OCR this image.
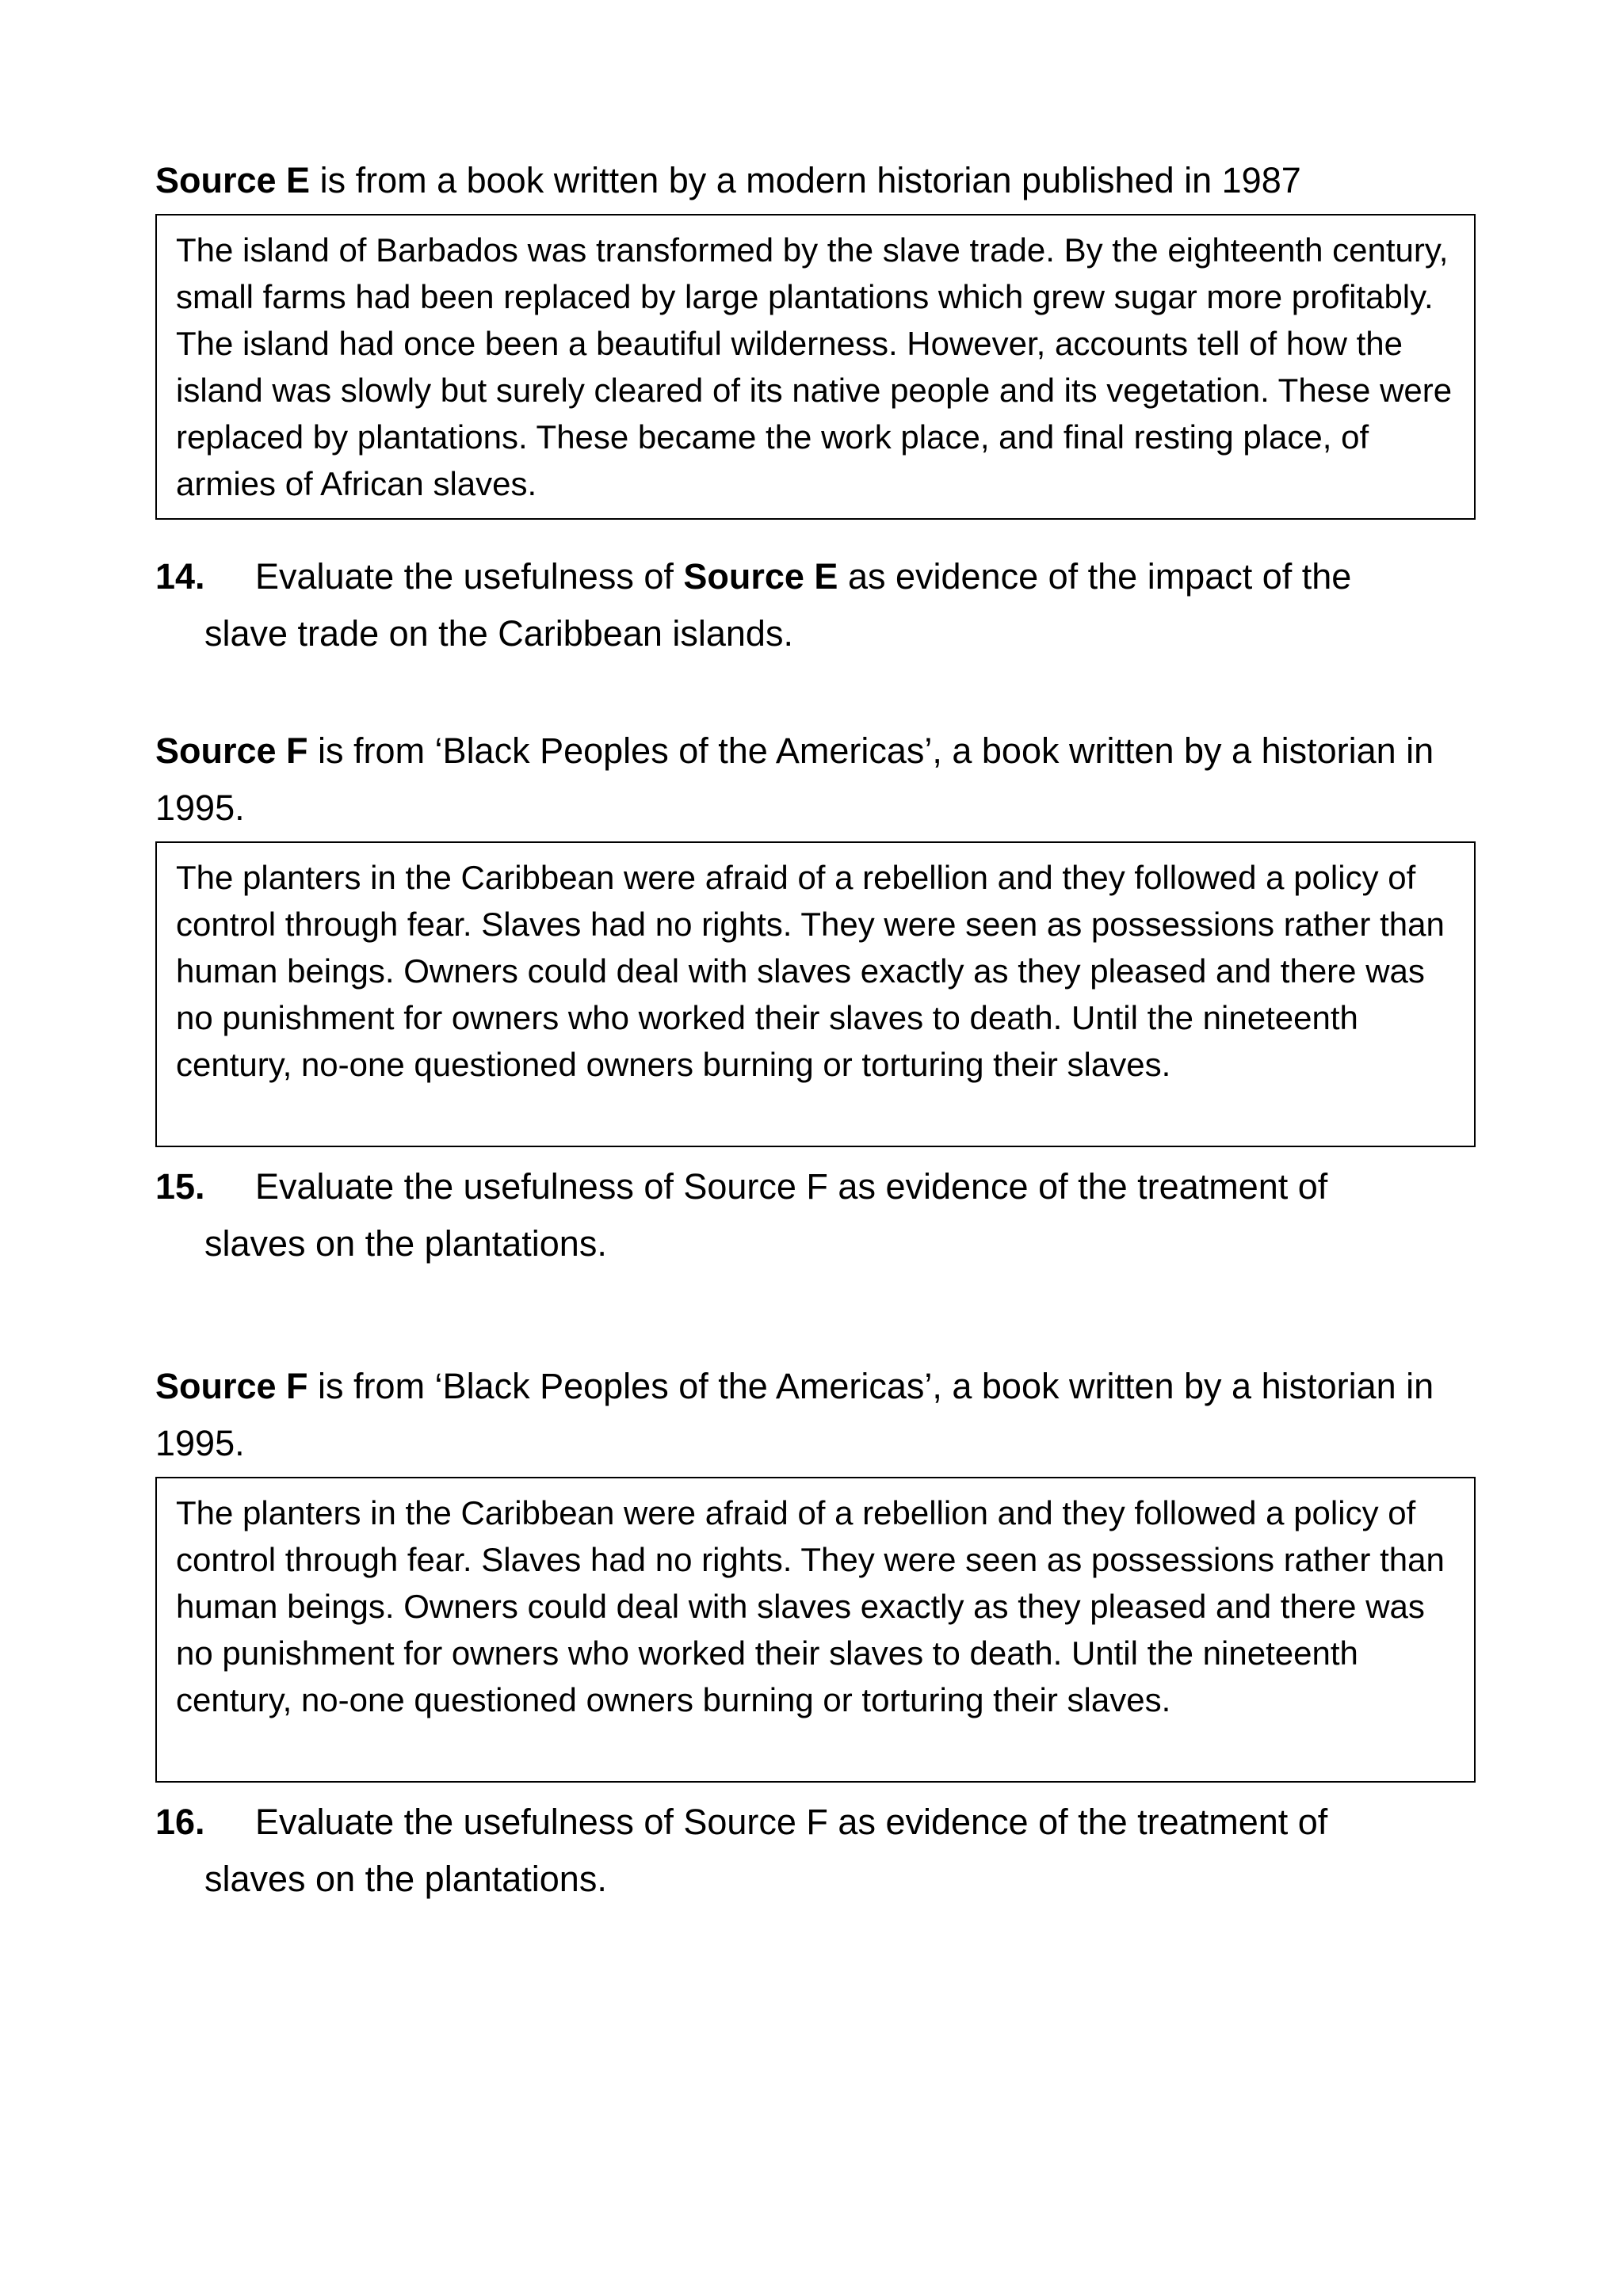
Source E is from a book written by a modern historian published in 1987

The island of Barbados was transformed by the slave trade. By the eighteenth century, small farms had been replaced by large plantations which grew sugar more profitably. The island had once been a beautiful wilderness. However, accounts tell of how the island was slowly but surely cleared of its native people and its vegetation. These were replaced by plantations. These became the work place, and final resting place, of armies of African slaves.
14. Evaluate the usefulness of Source E as evidence of the impact of the
slave trade on the Caribbean islands.

Source F is from ‘Black Peoples of the Americas’, a book written by a historian in 1995.

The planters in the Caribbean were afraid of a rebellion and they followed a policy of control through fear. Slaves had no rights. They were seen as possessions rather than human beings. Owners could deal with slaves exactly as they pleased and there was no punishment for owners who worked their slaves to death. Until the nineteenth century, no-one questioned owners burning or torturing their slaves.
15. Evaluate the usefulness of Source F as evidence of the treatment of
slaves on the plantations.

Source F is from ‘Black Peoples of the Americas’, a book written by a historian in 1995.

The planters in the Caribbean were afraid of a rebellion and they followed a policy of control through fear. Slaves had no rights. They were seen as possessions rather than human beings. Owners could deal with slaves exactly as they pleased and there was no punishment for owners who worked their slaves to death. Until the nineteenth century, no-one questioned owners burning or torturing their slaves.
16. Evaluate the usefulness of Source F as evidence of the treatment of
slaves on the plantations.
